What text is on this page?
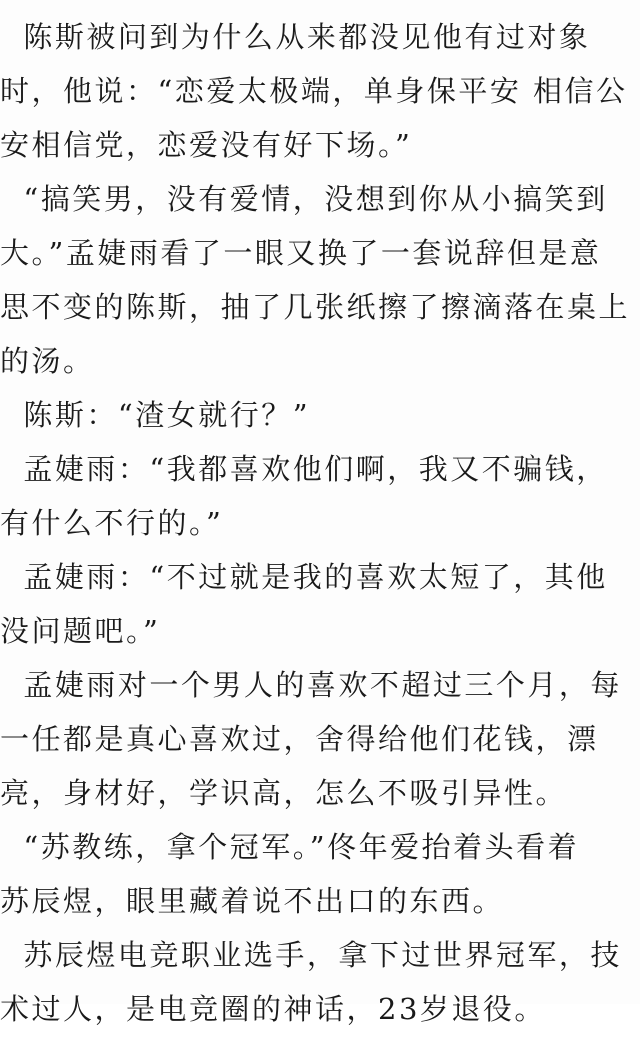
陈斯被问到为什么从来都没见他有过对象
时，他说：“恋爱太极端，单身保平安 相信公
安相信党，恋爱没有好下场。”
“搞笑男，没有爱情，没想到你从小搞笑到
大。”孟婕雨看了一眼又换了一套说辞但是意
思不变的陈斯，抽了几张纸擦了擦滴落在桌上
的汤。
陈斯：“渣女就行？”
孟婕雨：“我都喜欢他们啊，我又不骗钱，
有什么不行的。”
孟婕雨：“不过就是我的喜欢太短了，其他
没问题吧。”
孟婕雨对一个男人的喜欢不超过三个月，每
一任都是真心喜欢过，舍得给他们花钱，漂
亮，身材好，学识高，怎么不吸引异性。
“苏教练，拿个冠军。”佟年爱抬着头看着
苏辰煜，眼里藏着说不出口的东西。
苏辰煜电竞职业选手，拿下过世界冠军，技
术过人，是电竞圈的神话，23岁退役。
